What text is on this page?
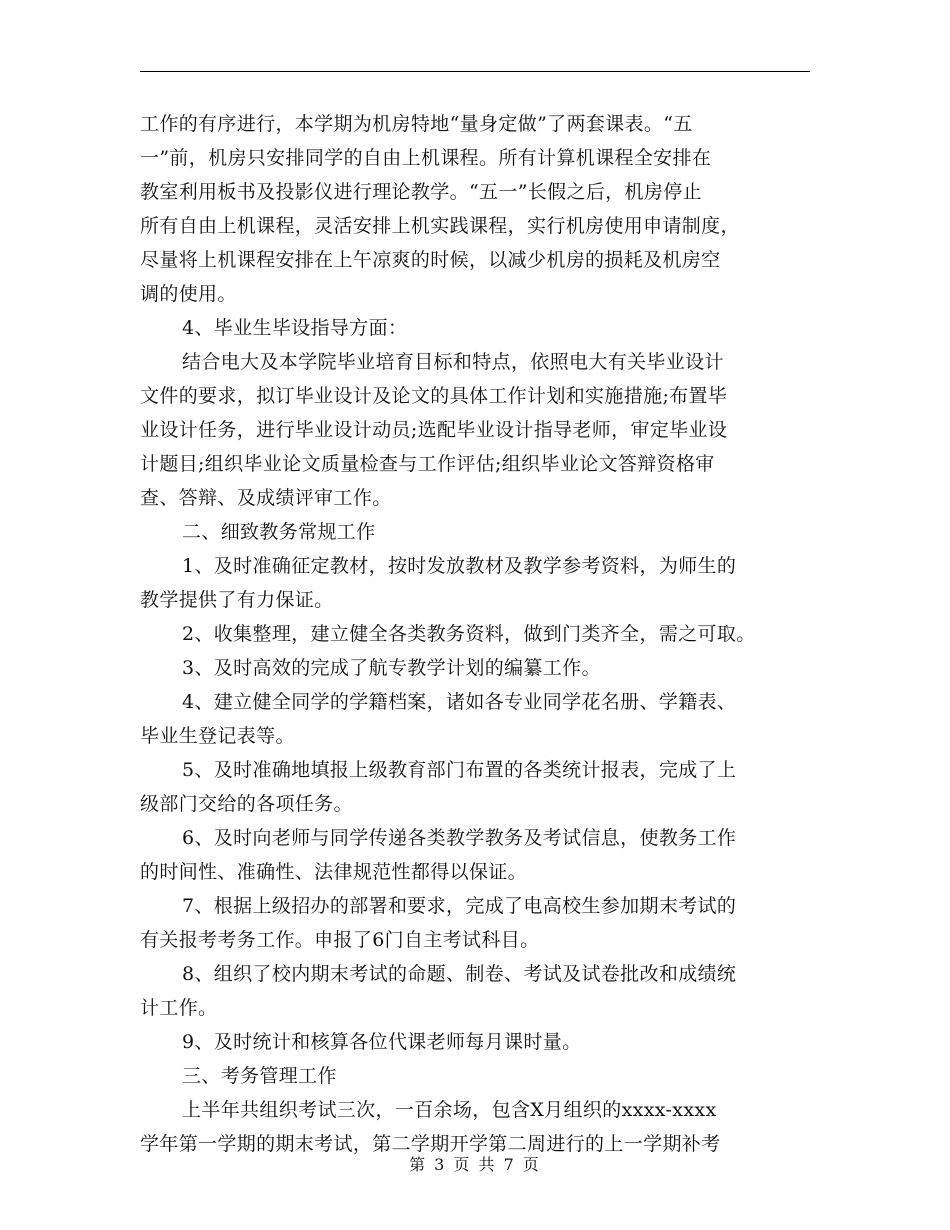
工作的有序进行，本学期为机房特地“量身定做”了两套课表。“五
一”前，机房只安排同学的自由上机课程。所有计算机课程全安排在
教室利用板书及投影仪进行理论教学。“五一”长假之后，机房停止
所有自由上机课程，灵活安排上机实践课程，实行机房使用申请制度，
尽量将上机课程安排在上午凉爽的时候，以减少机房的损耗及机房空
调的使用。
4、毕业生毕设指导方面：
结合电大及本学院毕业培育目标和特点，依照电大有关毕业设计
文件的要求，拟订毕业设计及论文的具体工作计划和实施措施;布置毕
业设计任务，进行毕业设计动员;选配毕业设计指导老师，审定毕业设
计题目;组织毕业论文质量检查与工作评估;组织毕业论文答辩资格审
查、答辩、及成绩评审工作。
二、细致教务常规工作
1、及时准确征定教材，按时发放教材及教学参考资料，为师生的
教学提供了有力保证。
2、收集整理，建立健全各类教务资料，做到门类齐全，需之可取。
3、及时高效的完成了航专教学计划的编纂工作。
4、建立健全同学的学籍档案，诸如各专业同学花名册、学籍表、
毕业生登记表等。
5、及时准确地填报上级教育部门布置的各类统计报表，完成了上
级部门交给的各项任务。
6、及时向老师与同学传递各类教学教务及考试信息，使教务工作
的时间性、准确性、法律规范性都得以保证。
7、根据上级招办的部署和要求，完成了电高校生参加期末考试的
有关报考考务工作。申报了6门自主考试科目。
8、组织了校内期末考试的命题、制卷、考试及试卷批改和成绩统
计工作。
9、及时统计和核算各位代课老师每月课时量。
三、考务管理工作
上半年共组织考试三次，一百余场，包含X月组织的xxxx-xxxx
学年第一学期的期末考试，第二学期开学第二周进行的上一学期补考
第 3 页 共 7 页
